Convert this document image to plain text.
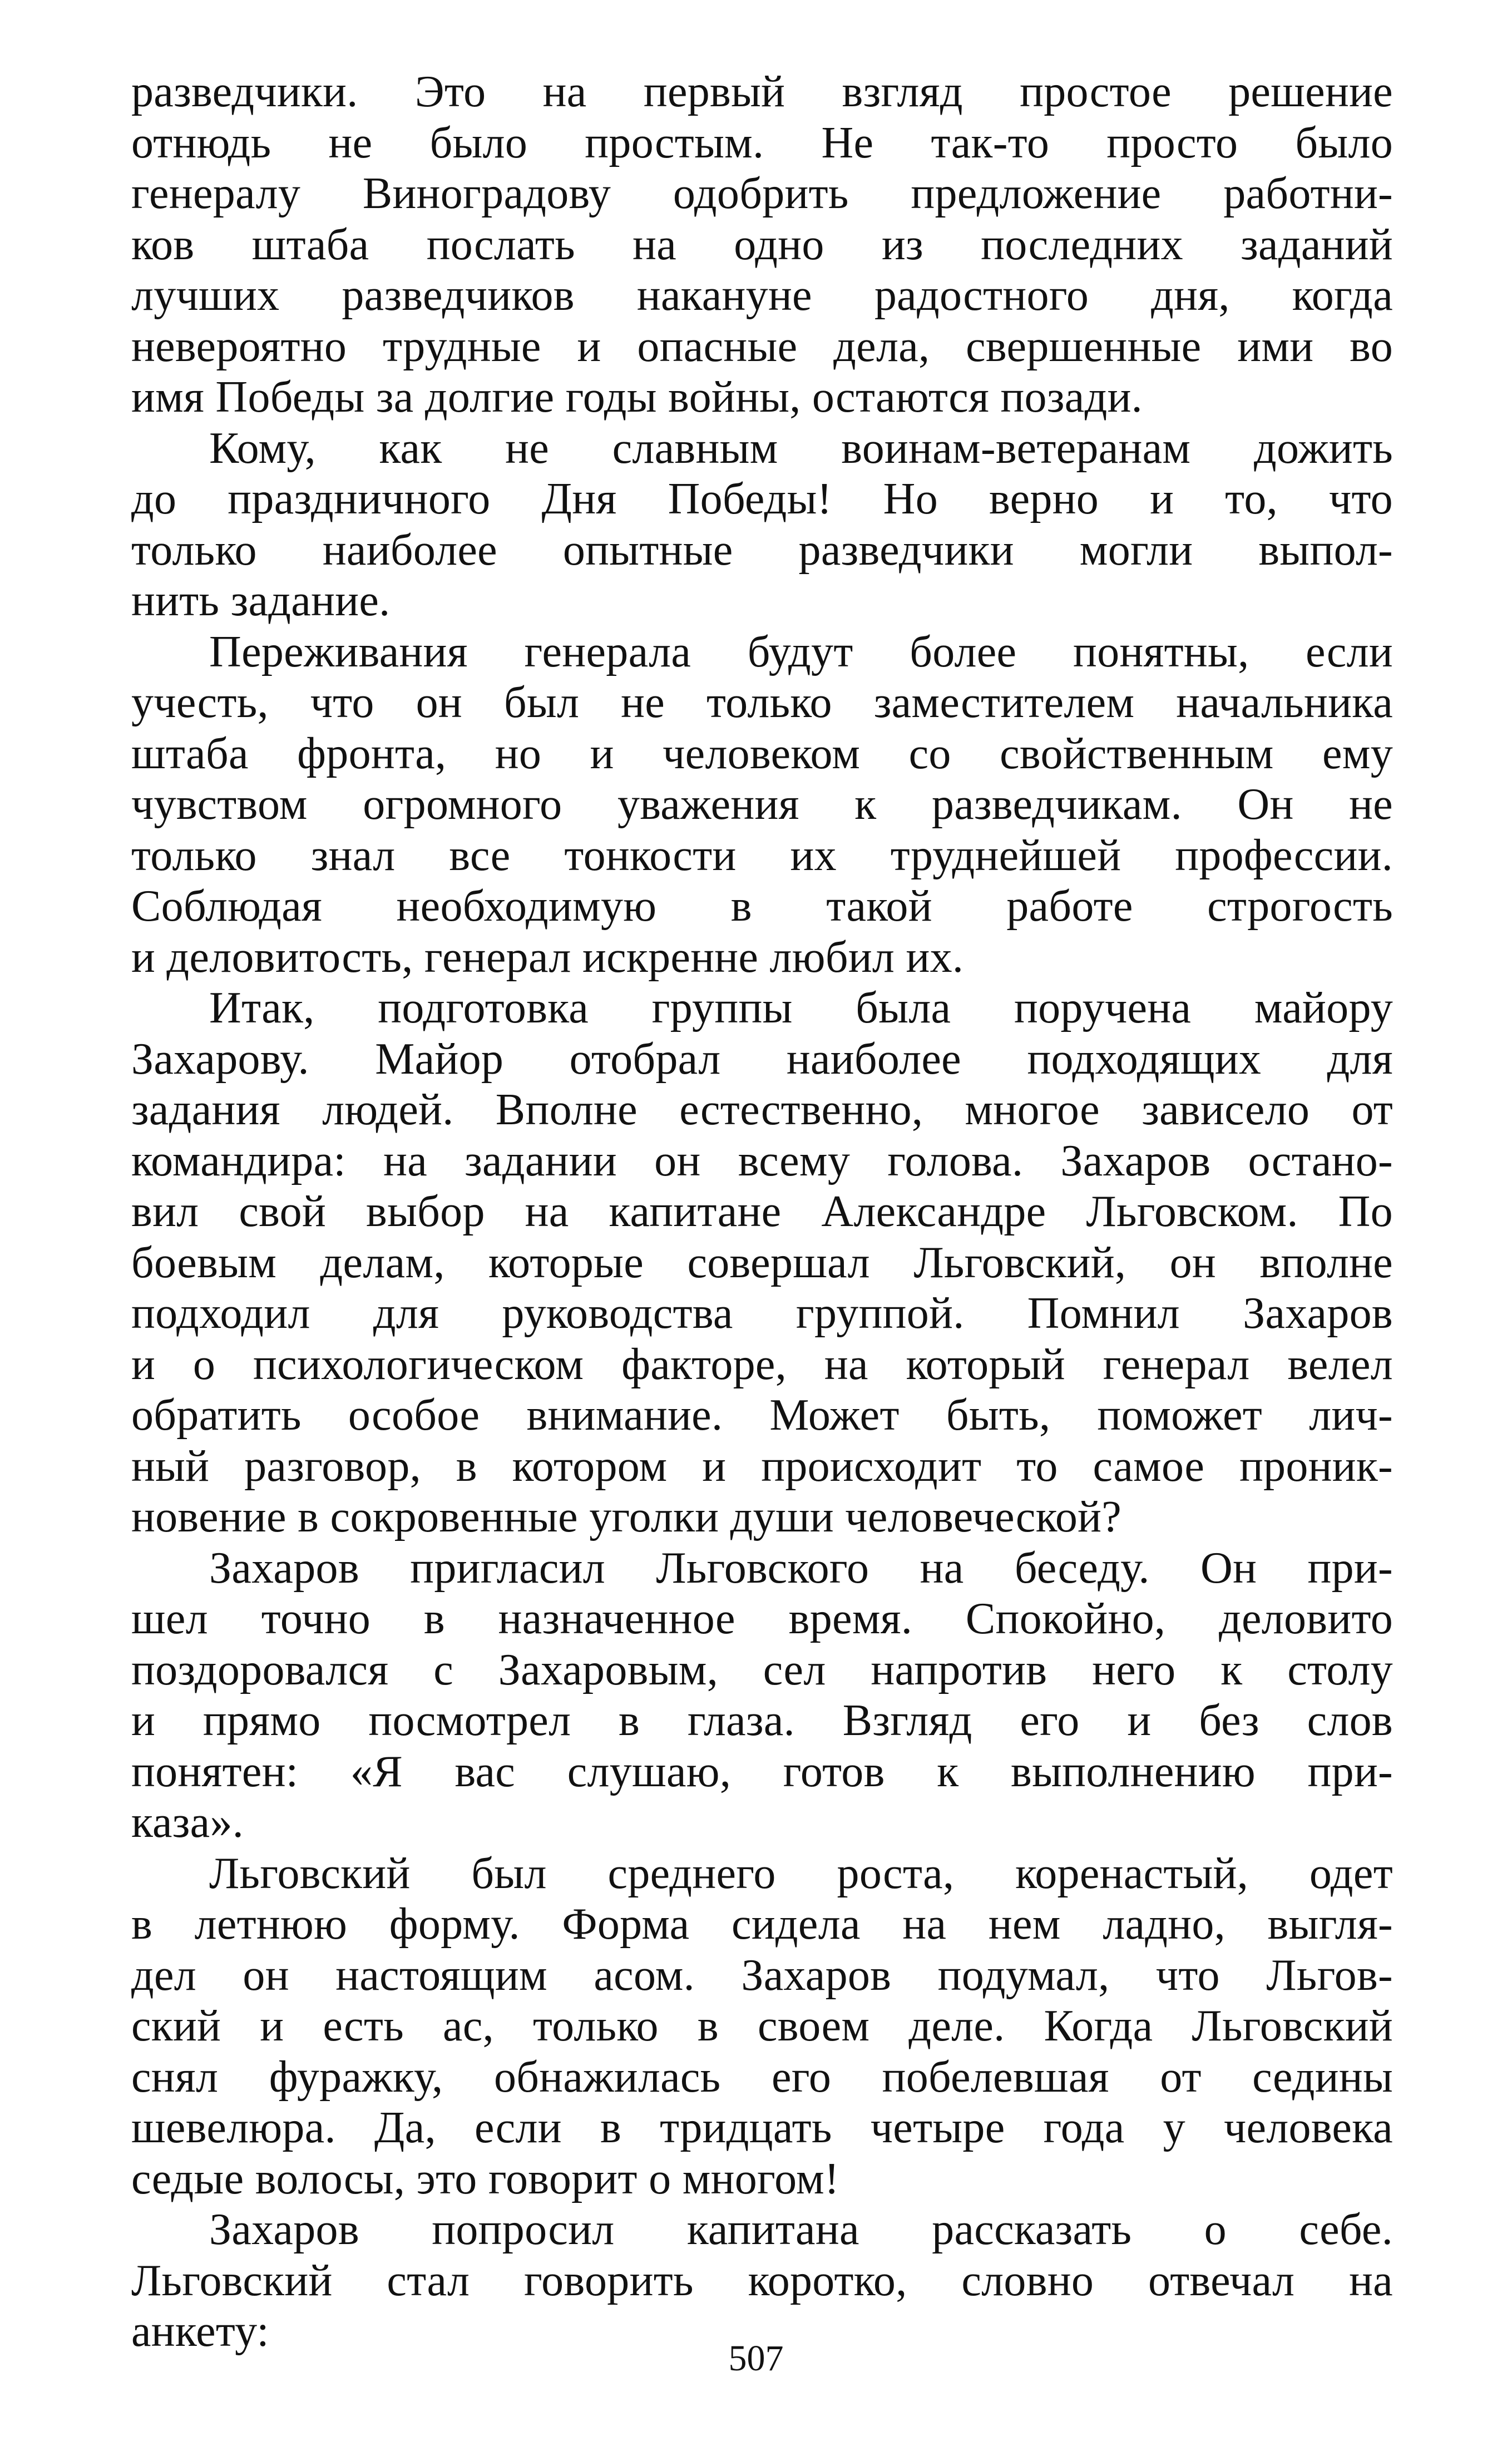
разведчики. Это на первый взгляд простое решение
отнюдь не было простым. Не так-то просто было
генералу Виноградову одобрить предложение работни-
ков штаба послать на одно из последних заданий
лучших разведчиков накануне радостного дня, когда
невероятно трудные и опасные дела, свершенные ими во
имя Победы за долгие годы войны, остаются позади.
Кому, как не славным воинам-ветеранам дожить
до праздничного Дня Победы! Но верно и то, что
только наиболее опытные разведчики могли выпол-
нить задание.
Переживания генерала будут более понятны, если
учесть, что он был не только заместителем начальника
штаба фронта, но и человеком со свойственным ему
чувством огромного уважения к разведчикам. Он не
только знал все тонкости их труднейшей профессии.
Соблюдая необходимую в такой работе строгость
и деловитость, генерал искренне любил их.
Итак, подготовка группы была поручена майору
Захарову. Майор отобрал наиболее подходящих для
задания людей. Вполне естественно, многое зависело от
командира: на задании он всему голова. Захаров остано-
вил свой выбор на капитане Александре Льговском. По
боевым делам, которые совершал Льговский, он вполне
подходил для руководства группой. Помнил Захаров
и о психологическом факторе, на который генерал велел
обратить особое внимание. Может быть, поможет лич-
ный разговор, в котором и происходит то самое проник-
новение в сокровенные уголки души человеческой?
Захаров пригласил Льговского на беседу. Он при-
шел точно в назначенное время. Спокойно, деловито
поздоровался с Захаровым, сел напротив него к столу
и прямо посмотрел в глаза. Взгляд его и без слов
понятен: «Я вас слушаю, готов к выполнению при-
каза».
Льговский был среднего роста, коренастый, одет
в летнюю форму. Форма сидела на нем ладно, выгля-
дел он настоящим асом. Захаров подумал, что Льгов-
ский и есть ас, только в своем деле. Когда Льговский
снял фуражку, обнажилась его побелевшая от седины
шевелюра. Да, если в тридцать четыре года у человека
седые волосы, это говорит о многом!
Захаров попросил капитана рассказать о себе.
Льговский стал говорить коротко, словно отвечал на
анкету:
507
